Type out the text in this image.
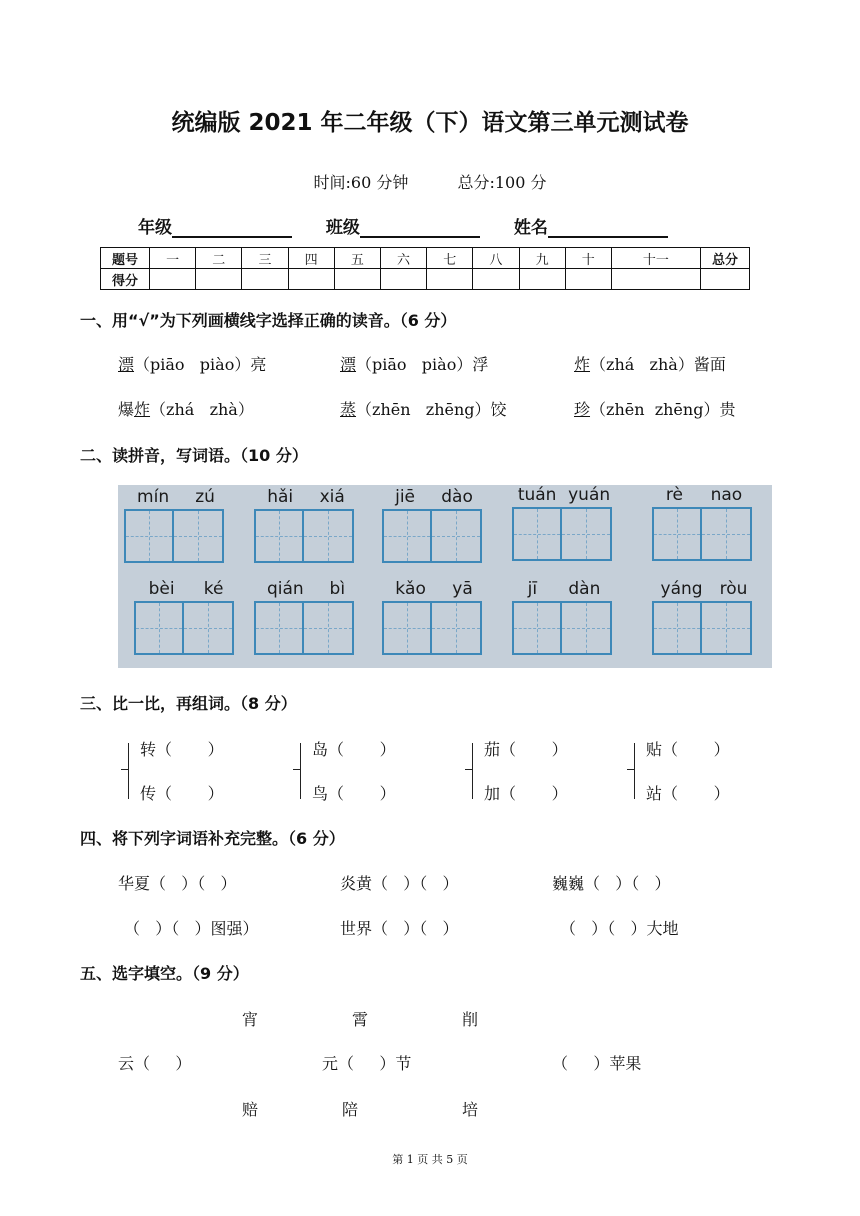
统编版 2021 年二年级（下）语文第三单元测试卷
时间:60 分钟	总分:100 分
年级	班级	姓名
题号	一	二	三	四	五	六	七	八	九	十	十一	总分
得分												
一、用“√”为下列画横线字选择正确的读音。（6 分）
漂（piāo   piào）亮	漂（piāo   piào）浮	炸（zhá   zhà）酱面
爆炸（zhá   zhà）	蒸（zhēn   zhēng）饺	珍（zhēn  zhēng）贵
二、读拼音，写词语。（10 分）
mín zú	hǎi xiá	jiē dào	tuán yuán	rè nao
bèi ké	qián bì	kǎo yā	jī dàn	yáng ròu
三、比一比，再组词。（8 分）
转（       ）
传（       ）
岛（       ）
鸟（       ）
茄（       ）
加（       ）
贴（       ）
站（       ）
四、将下列字词语补充完整。（6 分）
华夏（   ）（   ）	炎黄（   ）（   ）	巍巍（   ）（   ）
（   ）（   ）图强）	世界（   ）（   ）	（   ）（   ）大地
五、选字填空。（9 分）
宵	霄	削
云（     ）	元（     ）节	（     ）苹果
赔	陪	培
第 1 页 共 5 页
